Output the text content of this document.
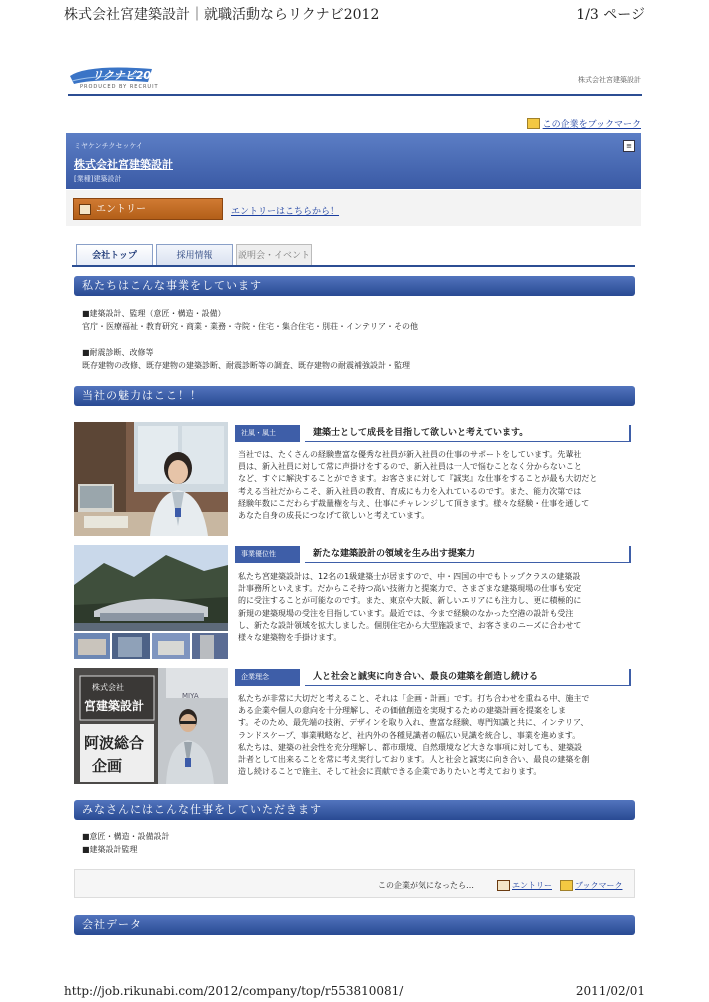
株式会社宮建築設計｜就職活動ならリクナビ2012	1/3 ページ
リクナビ2012
PRODUCED BY RECRUIT
株式会社宮建築設計
この企業をブックマーク
ミヤケンチクセッケイ
株式会社宮建築設計
[業種]建築設計
≡
エントリー	エントリーはこちらから！
会社トップ	採用情報	説明会・イベント
私たちはこんな事業をしています
■建築設計、監理（意匠・構造・設備）
官庁・医療福祉・教育研究・商業・業務・寺院・住宅・集合住宅・別荘・インテリア・その他
■耐震診断、改修等
既存建物の改修、既存建物の建築診断、耐震診断等の調査、既存建物の耐震補強設計・監理
当社の魅力はここ！！
社風・風土	建築士として成長を目指して欲しいと考えています。
当社では、たくさんの経験豊富な優秀な社員が新入社員の仕事のサポートをしています。先輩社
員は、新入社員に対して常に声掛けをするので、新入社員は一人で悩むことなく分からないこと
など、すぐに解決することができます。お客さまに対して『誠実』な仕事をすることが最も大切だと
考える当社だからこそ、新入社員の教育、育成にも力を入れているのです。また、能力次第では
経験年数にこだわらず裁量権を与え、仕事にチャレンジして頂きます。様々な経験・仕事を通して
あなた自身の成長につなげて欲しいと考えています。
事業優位性	新たな建築設計の領域を生み出す提案力
私たち宮建築設計は、12名の1級建築士が居ますので、中・四国の中でもトップクラスの建築設
計事務所といえます。だからこそ持つ高い技術力と提案力で、さまざまな建築現場の仕事も安定
的に受注することが可能なのです。また、東京や大阪、新しいエリアにも注力し、更に積極的に
新規の建築現場の受注を目指しています。最近では、今まで経験のなかった空港の設計も受注
し、新たな設計領域を拡大しました。個別住宅から大型施設まで、お客さまのニーズに合わせて
様々な建築物を手掛けます。
株式会社
宮建築設計
阿波総合
企画
MIYA
企業理念	人と社会と誠実に向き合い、最良の建築を創造し続ける
私たちが非常に大切だと考えること、それは「企画・計画」です。打ち合わせを重ねる中、施主で
ある企業や個人の意向を十分理解し、その価値創造を実現するための建築計画を提案をしま
す。そのため、最先端の技術、デザインを取り入れ、豊富な経験、専門知識と共に、インテリア、
ランドスケープ、事業戦略など、社内外の各種見識者の幅広い見識を統合し、事業を進めます。
私たちは、建築の社会性を充分理解し、都市環境、自然環境など大きな事項に対しても、建築設
計者として出来ることを常に考え実行しております。人と社会と誠実に向き合い、最良の建築を創
造し続けることで施主、そして社会に貢献できる企業でありたいと考えております。
みなさんにはこんな仕事をしていただきます
■意匠・構造・設備設計
■建築設計監理
この企業が気になったら…	エントリー	ブックマーク
会社データ
http://job.rikunabi.com/2012/company/top/r553810081/	2011/02/01
